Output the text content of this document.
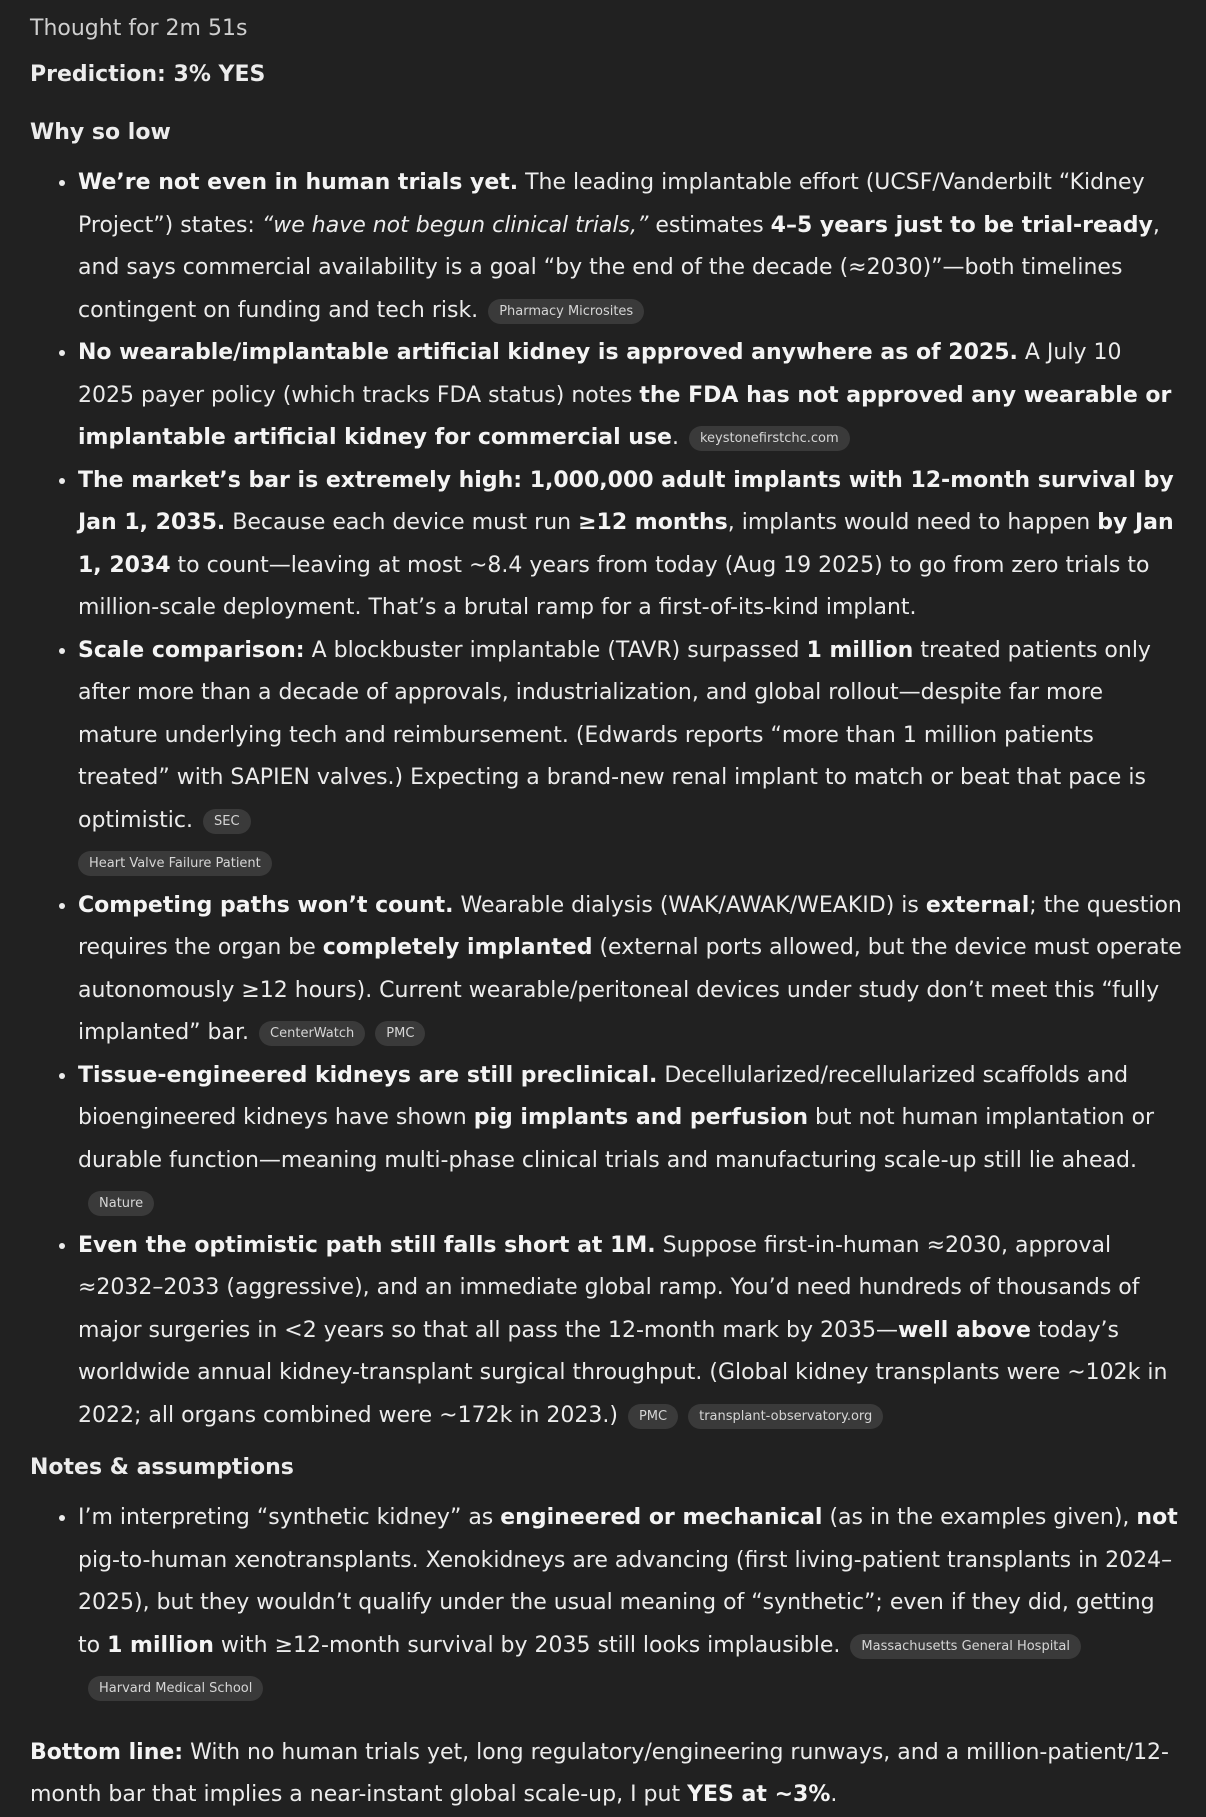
Thought for 2m 51s
Prediction: 3% YES
Why so low
• We’re not even in human trials yet. The leading implantable effort (UCSF/Vanderbilt “Kidney Project”) states: “we have not begun clinical trials,” estimates 4–5 years just to be trial-ready, and says commercial availability is a goal “by the end of the decade (≈2030)”—both timelines contingent on funding and tech risk. Pharmacy Microsites
• No wearable/implantable artificial kidney is approved anywhere as of 2025. A July 10 2025 payer policy (which tracks FDA status) notes the FDA has not approved any wearable or implantable artificial kidney for commercial use. keystonefirstchc.com
• The market’s bar is extremely high: 1,000,000 adult implants with 12-month survival by Jan 1, 2035. Because each device must run ≥12 months, implants would need to happen by Jan 1, 2034 to count—leaving at most ~8.4 years from today (Aug 19 2025) to go from zero trials to million-scale deployment. That’s a brutal ramp for a first-of-its-kind implant.
• Scale comparison: A blockbuster implantable (TAVR) surpassed 1 million treated patients only after more than a decade of approvals, industrialization, and global rollout—despite far more mature underlying tech and reimbursement. (Edwards reports “more than 1 million patients treated” with SAPIEN valves.) Expecting a brand-new renal implant to match or beat that pace is optimistic. SEC
Heart Valve Failure Patient
• Competing paths won’t count. Wearable dialysis (WAK/AWAK/WEAKID) is external; the question requires the organ be completely implanted (external ports allowed, but the device must operate autonomously ≥12 hours). Current wearable/peritoneal devices under study don’t meet this “fully implanted” bar. CenterWatch PMC
• Tissue-engineered kidneys are still preclinical. Decellularized/recellularized scaffolds and bioengineered kidneys have shown pig implants and perfusion but not human implantation or durable function—meaning multi-phase clinical trials and manufacturing scale-up still lie ahead.Nature
• Even the optimistic path still falls short at 1M. Suppose first-in-human ≈2030, approval ≈2032–2033 (aggressive), and an immediate global ramp. You’d need hundreds of thousands of major surgeries in <2 years so that all pass the 12-month mark by 2035—well above today’s worldwide annual kidney-transplant surgical throughput. (Global kidney transplants were ~102k in 2022; all organs combined were ~172k in 2023.) PMC transplant-observatory.org
Notes & assumptions
• I’m interpreting “synthetic kidney” as engineered or mechanical (as in the examples given), not pig-to-human xenotransplants. Xenokidneys are advancing (first living-patient transplants in 2024–2025), but they wouldn’t qualify under the usual meaning of “synthetic”; even if they did, getting to 1 million with ≥12-month survival by 2035 still looks implausible. Massachusetts General HospitalHarvard Medical School

Bottom line: With no human trials yet, long regulatory/engineering runways, and a million-patient/12-month bar that implies a near-instant global scale-up, I put YES at ~3%.
